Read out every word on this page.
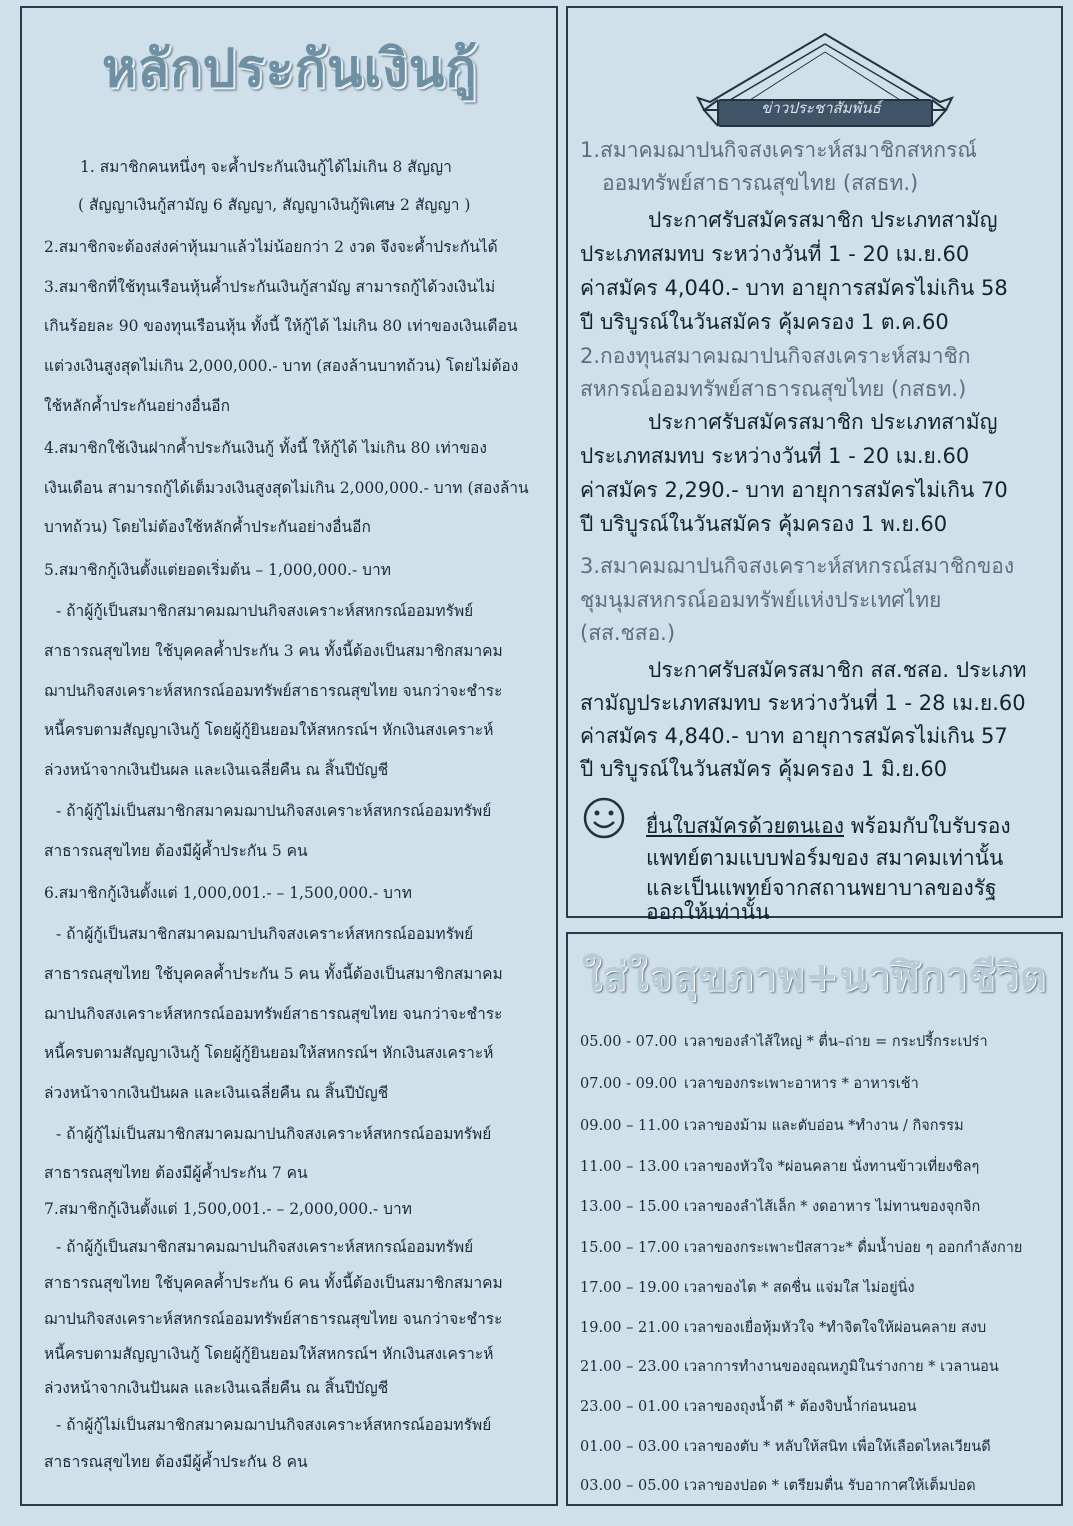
หลักประกันเงินกู้

1. สมาชิกคนหนึ่งๆ จะค้ำประกันเงินกู้ได้ไม่เกิน 8 สัญญา

( สัญญาเงินกู้สามัญ 6 สัญญา, สัญญาเงินกู้พิเศษ 2 สัญญา )

2.สมาชิกจะต้องส่งค่าหุ้นมาแล้วไม่น้อยกว่า 2 งวด จึงจะค้ำประกันได้

3.สมาชิกที่ใช้ทุนเรือนหุ้นค้ำประกันเงินกู้สามัญ สามารถกู้ได้วงเงินไม่

เกินร้อยละ 90 ของทุนเรือนหุ้น ทั้งนี้ ให้กู้ได้ ไม่เกิน 80 เท่าของเงินเดือน

แต่วงเงินสูงสุดไม่เกิน 2,000,000.- บาท (สองล้านบาทถ้วน) โดยไม่ต้อง

ใช้หลักค้ำประกันอย่างอื่นอีก

4.สมาชิกใช้เงินฝากค้ำประกันเงินกู้ ทั้งนี้ ให้กู้ได้ ไม่เกิน 80 เท่าของ

เงินเดือน สามารถกู้ได้เต็มวงเงินสูงสุดไม่เกิน 2,000,000.- บาท (สองล้าน

บาทถ้วน) โดยไม่ต้องใช้หลักค้ำประกันอย่างอื่นอีก

5.สมาชิกกู้เงินตั้งแต่ยอดเริ่มต้น – 1,000,000.- บาท

- ถ้าผู้กู้เป็นสมาชิกสมาคมฌาปนกิจสงเคราะห์สหกรณ์ออมทรัพย์

สาธารณสุขไทย ใช้บุคคลค้ำประกัน 3 คน ทั้งนี้ต้องเป็นสมาชิกสมาคม

ฌาปนกิจสงเคราะห์สหกรณ์ออมทรัพย์สาธารณสุขไทย จนกว่าจะชำระ

หนี้ครบตามสัญญาเงินกู้ โดยผู้กู้ยินยอมให้สหกรณ์ฯ หักเงินสงเคราะห์

ล่วงหน้าจากเงินปันผล และเงินเฉลี่ยคืน ณ สิ้นปีบัญชี

- ถ้าผู้กู้ไม่เป็นสมาชิกสมาคมฌาปนกิจสงเคราะห์สหกรณ์ออมทรัพย์

สาธารณสุขไทย ต้องมีผู้ค้ำประกัน 5 คน

6.สมาชิกกู้เงินตั้งแต่ 1,000,001.- – 1,500,000.- บาท

- ถ้าผู้กู้เป็นสมาชิกสมาคมฌาปนกิจสงเคราะห์สหกรณ์ออมทรัพย์

สาธารณสุขไทย ใช้บุคคลค้ำประกัน 5 คน ทั้งนี้ต้องเป็นสมาชิกสมาคม

ฌาปนกิจสงเคราะห์สหกรณ์ออมทรัพย์สาธารณสุขไทย จนกว่าจะชำระ

หนี้ครบตามสัญญาเงินกู้ โดยผู้กู้ยินยอมให้สหกรณ์ฯ หักเงินสงเคราะห์

ล่วงหน้าจากเงินปันผล และเงินเฉลี่ยคืน ณ สิ้นปีบัญชี

- ถ้าผู้กู้ไม่เป็นสมาชิกสมาคมฌาปนกิจสงเคราะห์สหกรณ์ออมทรัพย์

สาธารณสุขไทย ต้องมีผู้ค้ำประกัน 7 คน

7.สมาชิกกู้เงินตั้งแต่ 1,500,001.- – 2,000,000.- บาท

- ถ้าผู้กู้เป็นสมาชิกสมาคมฌาปนกิจสงเคราะห์สหกรณ์ออมทรัพย์

สาธารณสุขไทย ใช้บุคคลค้ำประกัน 6 คน ทั้งนี้ต้องเป็นสมาชิกสมาคม

ฌาปนกิจสงเคราะห์สหกรณ์ออมทรัพย์สาธารณสุขไทย จนกว่าจะชำระ

หนี้ครบตามสัญญาเงินกู้ โดยผู้กู้ยินยอมให้สหกรณ์ฯ หักเงินสงเคราะห์

ล่วงหน้าจากเงินปันผล และเงินเฉลี่ยคืน ณ สิ้นปีบัญชี

- ถ้าผู้กู้ไม่เป็นสมาชิกสมาคมฌาปนกิจสงเคราะห์สหกรณ์ออมทรัพย์

สาธารณสุขไทย ต้องมีผู้ค้ำประกัน 8 คน

ข่าวประชาสัมพันธ์

1.สมาคมฌาปนกิจสงเคราะห์สมาชิกสหกรณ์

ออมทรัพย์สาธารณสุขไทย (สสธท.)

ประกาศรับสมัครสมาชิก ประเภทสามัญ

ประเภทสมทบ ระหว่างวันที่ 1 - 20 เม.ย.60

ค่าสมัคร 4,040.- บาท อายุการสมัครไม่เกิน 58

ปี บริบูรณ์ในวันสมัคร คุ้มครอง 1 ต.ค.60

2.กองทุนสมาคมฌาปนกิจสงเคราะห์สมาชิก

สหกรณ์ออมทรัพย์สาธารณสุขไทย (กสธท.)

ประกาศรับสมัครสมาชิก ประเภทสามัญ

ประเภทสมทบ ระหว่างวันที่ 1 - 20 เม.ย.60

ค่าสมัคร 2,290.- บาท อายุการสมัครไม่เกิน 70

ปี บริบูรณ์ในวันสมัคร คุ้มครอง 1 พ.ย.60

3.สมาคมฌาปนกิจสงเคราะห์สหกรณ์สมาชิกของ

ชุมนุมสหกรณ์ออมทรัพย์แห่งประเทศไทย

(สส.ชสอ.)

ประกาศรับสมัครสมาชิก สส.ชสอ. ประเภท

สามัญประเภทสมทบ ระหว่างวันที่ 1 - 28 เม.ย.60

ค่าสมัคร 4,840.- บาท อายุการสมัครไม่เกิน 57

ปี บริบูรณ์ในวันสมัคร คุ้มครอง 1 มิ.ย.60

ยื่นใบสมัครด้วยตนเอง พร้อมกับใบรับรอง

แพทย์ตามแบบฟอร์มของ สมาคมเท่านั้น

และเป็นแพทย์จากสถานพยาบาลของรัฐ

ออกให้เท่านั้น

ใส่ใจสุขภาพ+นาฬิกาชีวิต

05.00 - 07.00 เวลาของลำไส้ใหญ่ * ตื่น–ถ่าย = กระปรี้กระเปร่า

07.00 - 09.00 เวลาของกระเพาะอาหาร * อาหารเช้า

09.00 – 11.00 เวลาของม้าม และตับอ่อน *ทำงาน / กิจกรรม

11.00 – 13.00 เวลาของหัวใจ *ผ่อนคลาย นั่งทานข้าวเที่ยงชิลๆ

13.00 – 15.00 เวลาของลำไส้เล็ก * งดอาหาร ไม่ทานของจุกจิก

15.00 – 17.00 เวลาของกระเพาะปัสสาวะ* ดื่มน้ำบ่อย ๆ ออกกำลังกาย

17.00 – 19.00 เวลาของไต * สดชื่น แจ่มใส ไม่อยู่นิ่ง

19.00 – 21.00 เวลาของเยื่อหุ้มหัวใจ *ทำจิตใจให้ผ่อนคลาย สงบ

21.00 – 23.00 เวลาการทำงานของอุณหภูมิในร่างกาย * เวลานอน

23.00 – 01.00 เวลาของถุงน้ำดี * ต้องจิบน้ำก่อนนอน

01.00 – 03.00 เวลาของตับ * หลับให้สนิท เพื่อให้เลือดไหลเวียนดี

03.00 – 05.00 เวลาของปอด * เตรียมตื่น รับอากาศให้เต็มปอด
